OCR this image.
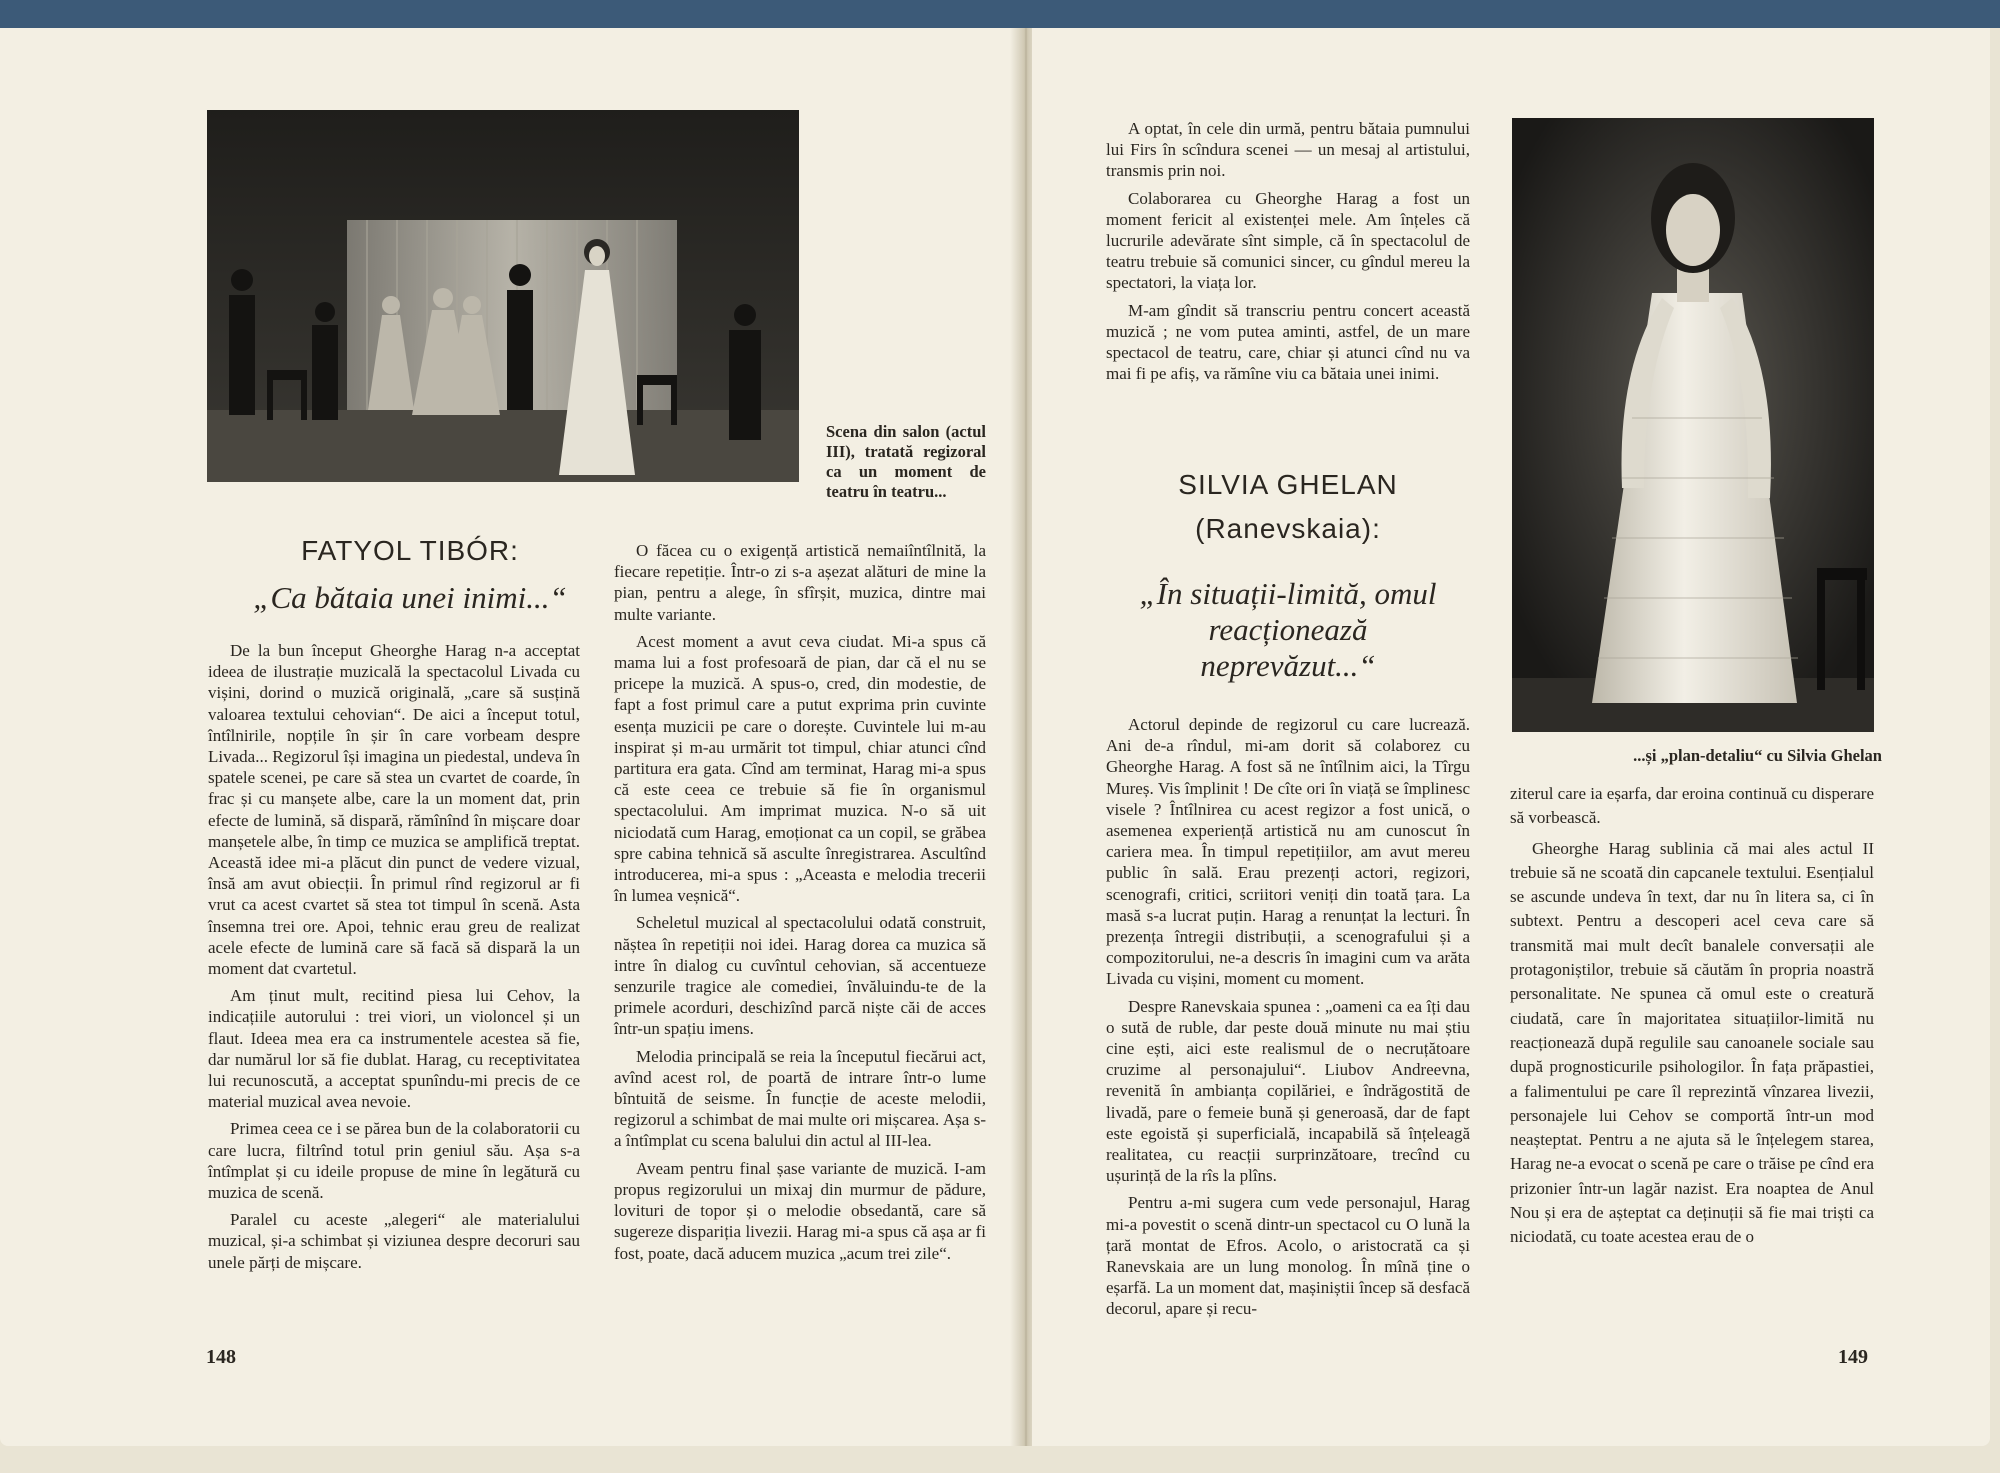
Scena din salon (actul III), tratată regizoral ca un moment de teatru în teatru...
FATYOL TIBÓR:
„Ca bătaia unei inimi...“

De la bun început Gheorghe Harag n-a acceptat ideea de ilustrație muzicală la spectacolul Livada cu vișini, dorind o muzică originală, „care să susțină valoarea textului cehovian“. De aici a început totul, întîlnirile, nopțile în șir în care vorbeam despre Livada... Regizorul își imagina un piedestal, undeva în spatele scenei, pe care să stea un cvartet de coarde, în frac și cu manșete albe, care la un moment dat, prin efecte de lumină, să dispară, rămînînd în mișcare doar manșetele albe, în timp ce muzica se amplifică treptat. Această idee mi-a plăcut din punct de vedere vizual, însă am avut obiecții. În primul rînd regizorul ar fi vrut ca acest cvartet să stea tot timpul în scenă. Asta însemna trei ore. Apoi, tehnic erau greu de realizat acele efecte de lumină care să facă să dispară la un moment dat cvartetul.

Am ținut mult, recitind piesa lui Cehov, la indicațiile autorului : trei viori, un violoncel și un flaut. Ideea mea era ca instrumentele acestea să fie, dar numărul lor să fie dublat. Harag, cu receptivitatea lui recunoscută, a acceptat spunîndu-mi precis de ce material muzical avea nevoie.

Primea ceea ce i se părea bun de la colaboratorii cu care lucra, filtrînd totul prin geniul său. Așa s-a întîmplat și cu ideile propuse de mine în legătură cu muzica de scenă.

Paralel cu aceste „alegeri“ ale materialului muzical, și-a schimbat și viziunea despre decoruri sau unele părți de mișcare.

O făcea cu o exigență artistică nemaiîntîlnită, la fiecare repetiție. Într-o zi s-a așezat alături de mine la pian, pentru a alege, în sfîrșit, muzica, dintre mai multe variante.

Acest moment a avut ceva ciudat. Mi-a spus că mama lui a fost profesoară de pian, dar că el nu se pricepe la muzică. A spus-o, cred, din modestie, de fapt a fost primul care a putut exprima prin cuvinte esența muzicii pe care o dorește. Cuvintele lui m-au inspirat și m-au urmărit tot timpul, chiar atunci cînd partitura era gata. Cînd am terminat, Harag mi-a spus că este ceea ce trebuie să fie în organismul spectacolului. Am imprimat muzica. N-o să uit niciodată cum Harag, emoționat ca un copil, se grăbea spre cabina tehnică să asculte înregistrarea. Ascultînd introducerea, mi-a spus : „Aceasta e melodia trecerii în lumea veșnică“.

Scheletul muzical al spectacolului odată construit, năștea în repetiții noi idei. Harag dorea ca muzica să intre în dialog cu cuvîntul cehovian, să accentueze senzurile tragice ale comediei, învăluindu-te de la primele acorduri, deschizînd parcă niște căi de acces într-un spațiu imens.

Melodia principală se reia la începutul fiecărui act, avînd acest rol, de poartă de intrare într-o lume bîntuită de seisme. În funcție de aceste melodii, regizorul a schimbat de mai multe ori mișcarea. Așa s-a întîmplat cu scena balului din actul al III-lea.

Aveam pentru final șase variante de muzică. I-am propus regizorului un mixaj din murmur de pădure, lovituri de topor și o melodie obsedantă, care să sugereze dispariția livezii. Harag mi-a spus că așa ar fi fost, poate, dacă aducem muzica „acum trei zile“.

148

A optat, în cele din urmă, pentru bătaia pumnului lui Firs în scîndura scenei — un mesaj al artistului, transmis prin noi.

Colaborarea cu Gheorghe Harag a fost un moment fericit al existenței mele. Am înțeles că lucrurile adevărate sînt simple, că în spectacolul de teatru trebuie să comunici sincer, cu gîndul mereu la spectatori, la viața lor.

M-am gîndit să transcriu pentru concert această muzică ; ne vom putea aminti, astfel, de un mare spectacol de teatru, care, chiar și atunci cînd nu va mai fi pe afiș, va rămîne viu ca bătaia unei inimi.

SILVIA GHELAN
(Ranevskaia):
„În situații-limită, omul reacționează neprevăzut...“

Actorul depinde de regizorul cu care lucrează. Ani de-a rîndul, mi-am dorit să colaborez cu Gheorghe Harag. A fost să ne întîlnim aici, la Tîrgu Mureș. Vis împlinit ! De cîte ori în viață se împlinesc visele ? Întîlnirea cu acest regizor a fost unică, o asemenea experiență artistică nu am cunoscut în cariera mea. În timpul repetițiilor, am avut mereu public în sală. Erau prezenți actori, regizori, scenografi, critici, scriitori veniți din toată țara. La masă s-a lucrat puțin. Harag a renunțat la lecturi. În prezența întregii distribuții, a scenografului și a compozitorului, ne-a descris în imagini cum va arăta Livada cu vișini, moment cu moment.

Despre Ranevskaia spunea : „oameni ca ea îți dau o sută de ruble, dar peste două minute nu mai știu cine ești, aici este realismul de o necruțătoare cruzime al personajului“. Liubov Andreevna, revenită în ambianța copilăriei, e îndrăgostită de livadă, pare o femeie bună și generoasă, dar de fapt este egoistă și superficială, incapabilă să înțeleagă realitatea, cu reacții surprinzătoare, trecînd cu ușurință de la rîs la plîns.

Pentru a-mi sugera cum vede personajul, Harag mi-a povestit o scenă dintr-un spectacol cu O lună la țară montat de Efros. Acolo, o aristocrată ca și Ranevskaia are un lung monolog. În mînă ține o eșarfă. La un moment dat, mașiniștii încep să desfacă decorul, apare și recu-

...și „plan-detaliu“ cu Silvia Ghelan

ziterul care ia eșarfa, dar eroina continuă cu disperare să vorbească.

Gheorghe Harag sublinia că mai ales actul II trebuie să ne scoată din capcanele textului. Esențialul se ascunde undeva în text, dar nu în litera sa, ci în subtext. Pentru a descoperi acel ceva care să transmită mai mult decît banalele conversații ale protagoniștilor, trebuie să căutăm în propria noastră personalitate. Ne spunea că omul este o creatură ciudată, care în majoritatea situațiilor-limită nu reacționează după regulile sau canoanele sociale sau după prognosticurile psihologilor. În fața prăpastiei, a falimentului pe care îl reprezintă vînzarea livezii, personajele lui Cehov se comportă într-un mod neașteptat. Pentru a ne ajuta să le înțelegem starea, Harag ne-a evocat o scenă pe care o trăise pe cînd era prizonier într-un lagăr nazist. Era noaptea de Anul Nou și era de așteptat ca deținuții să fie mai triști ca niciodată, cu toate acestea erau de o

149
